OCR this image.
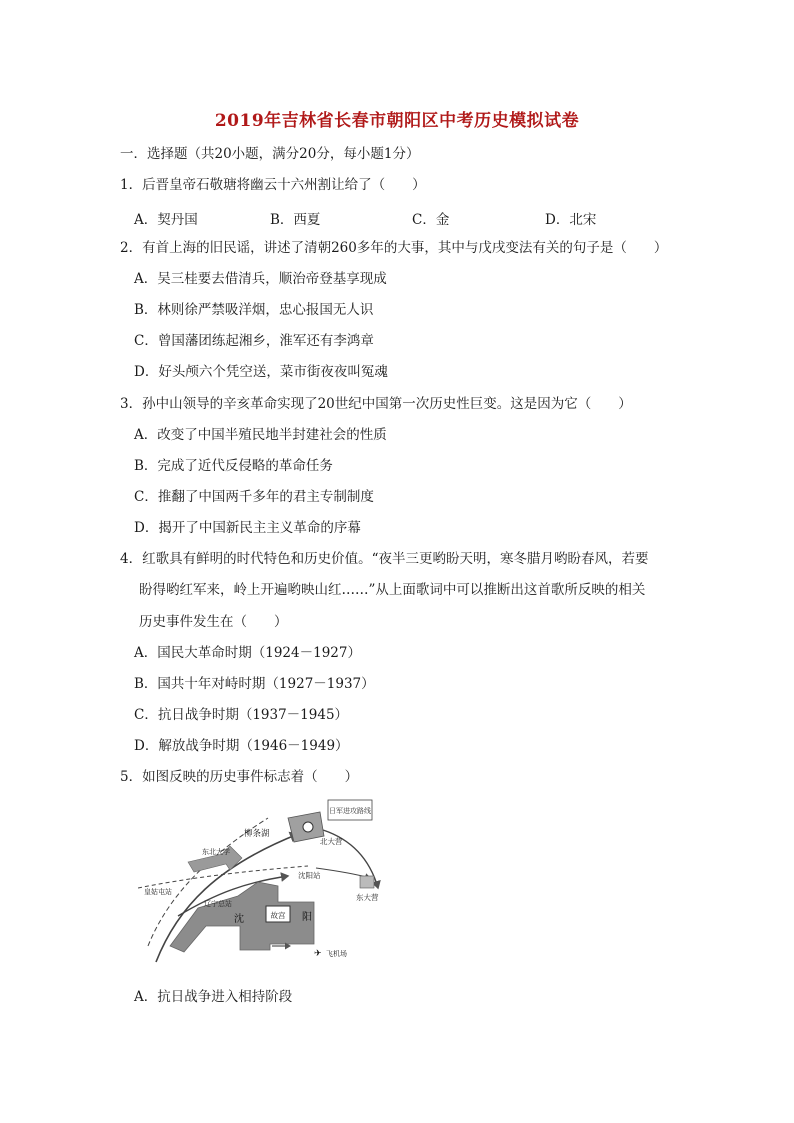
2019年吉林省长春市朝阳区中考历史模拟试卷
一．选择题（共20小题，满分20分，每小题1分）
1．后晋皇帝石敬瑭将幽云十六州割让给了（　　）
A．契丹国	B．西夏	C．金	D．北宋
2．有首上海的旧民谣，讲述了清朝260多年的大事，其中与戊戌变法有关的句子是（　　）
A．吴三桂要去借清兵，顺治帝登基享现成
B．林则徐严禁吸洋烟，忠心报国无人识
C．曾国藩团练起湘乡，淮军还有李鸿章
D．好头颅六个凭空送，菜市街夜夜叫冤魂
3．孙中山领导的辛亥革命实现了20世纪中国第一次历史性巨变。这是因为它（　　）
A．改变了中国半殖民地半封建社会的性质
B．完成了近代反侵略的革命任务
C．推翻了中国两千多年的君主专制制度
D．揭开了中国新民主主义革命的序幕
4．红歌具有鲜明的时代特色和历史价值。“夜半三更哟盼天明，寒冬腊月哟盼春风，若要
盼得哟红军来，岭上开遍哟映山红……”从上面歌词中可以推断出这首歌所反映的相关
历史事件发生在（　　）
A．国民大革命时期（1924－1927）
B．国共十年对峙时期（1927－1937）
C．抗日战争时期（1937－1945）
D．解放战争时期（1946－1949）
5．如图反映的历史事件标志着（　　）
日军进攻路线
故宫
柳条湖
东北大学
北大营
沈阳站
东大营
皇姑屯站
辽宁总站
沈	阳
✈ 飞机场
A．抗日战争进入相持阶段
